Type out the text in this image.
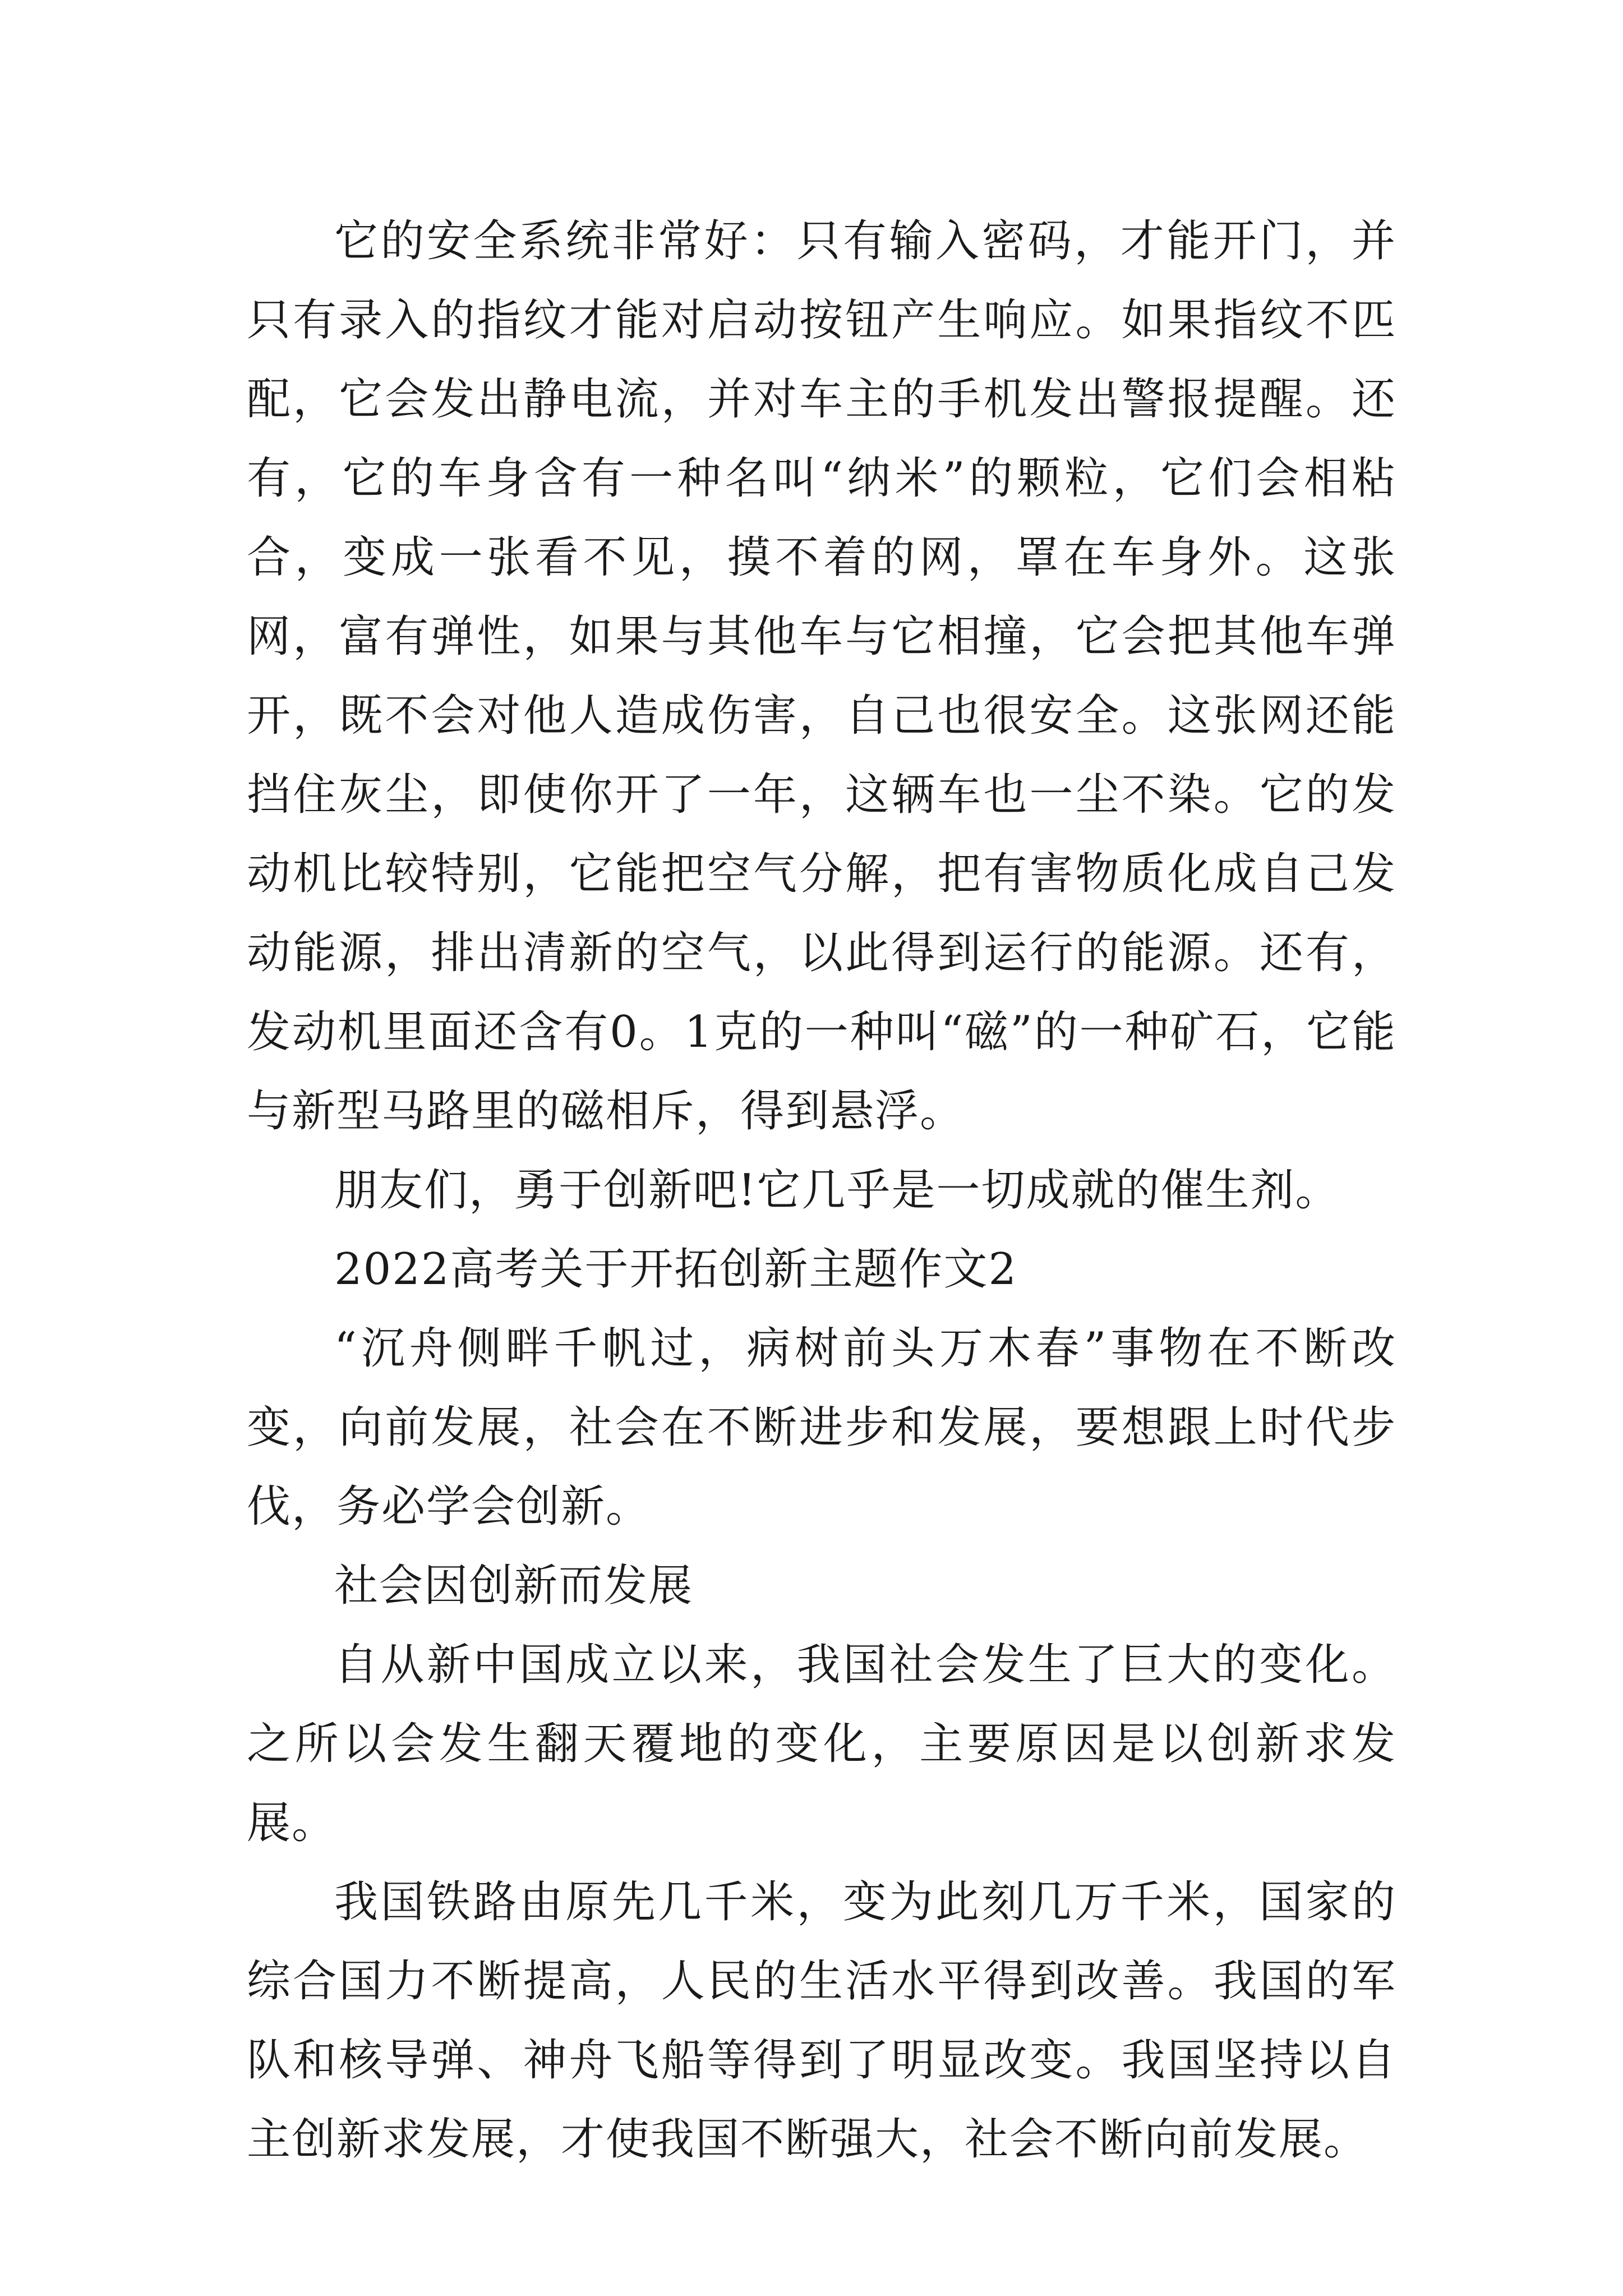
它的安全系统非常好：只有输入密码，才能开门，并只有录入的指纹才能对启动按钮产生响应。如果指纹不匹配，它会发出静电流，并对车主的手机发出警报提醒。还有，它的车身含有一种名叫“纳米”的颗粒，它们会相粘合，变成一张看不见，摸不着的网，罩在车身外。这张网，富有弹性，如果与其他车与它相撞，它会把其他车弹开，既不会对他人造成伤害，自己也很安全。这张网还能挡住灰尘，即使你开了一年，这辆车也一尘不染。它的发动机比较特别，它能把空气分解，把有害物质化成自己发动能源，排出清新的空气，以此得到运行的能源。还有，发动机里面还含有0。1克的一种叫“磁”的一种矿石，它能与新型马路里的磁相斥，得到悬浮。

朋友们，勇于创新吧!它几乎是一切成就的催生剂。

2022高考关于开拓创新主题作文2

“沉舟侧畔千帆过，病树前头万木春”事物在不断改变，向前发展，社会在不断进步和发展，要想跟上时代步伐，务必学会创新。

社会因创新而发展

自从新中国成立以来，我国社会发生了巨大的变化。之所以会发生翻天覆地的变化，主要原因是以创新求发展。

我国铁路由原先几千米，变为此刻几万千米，国家的综合国力不断提高，人民的生活水平得到改善。我国的军队和核导弹、神舟飞船等得到了明显改变。我国坚持以自主创新求发展，才使我国不断强大，社会不断向前发展。
